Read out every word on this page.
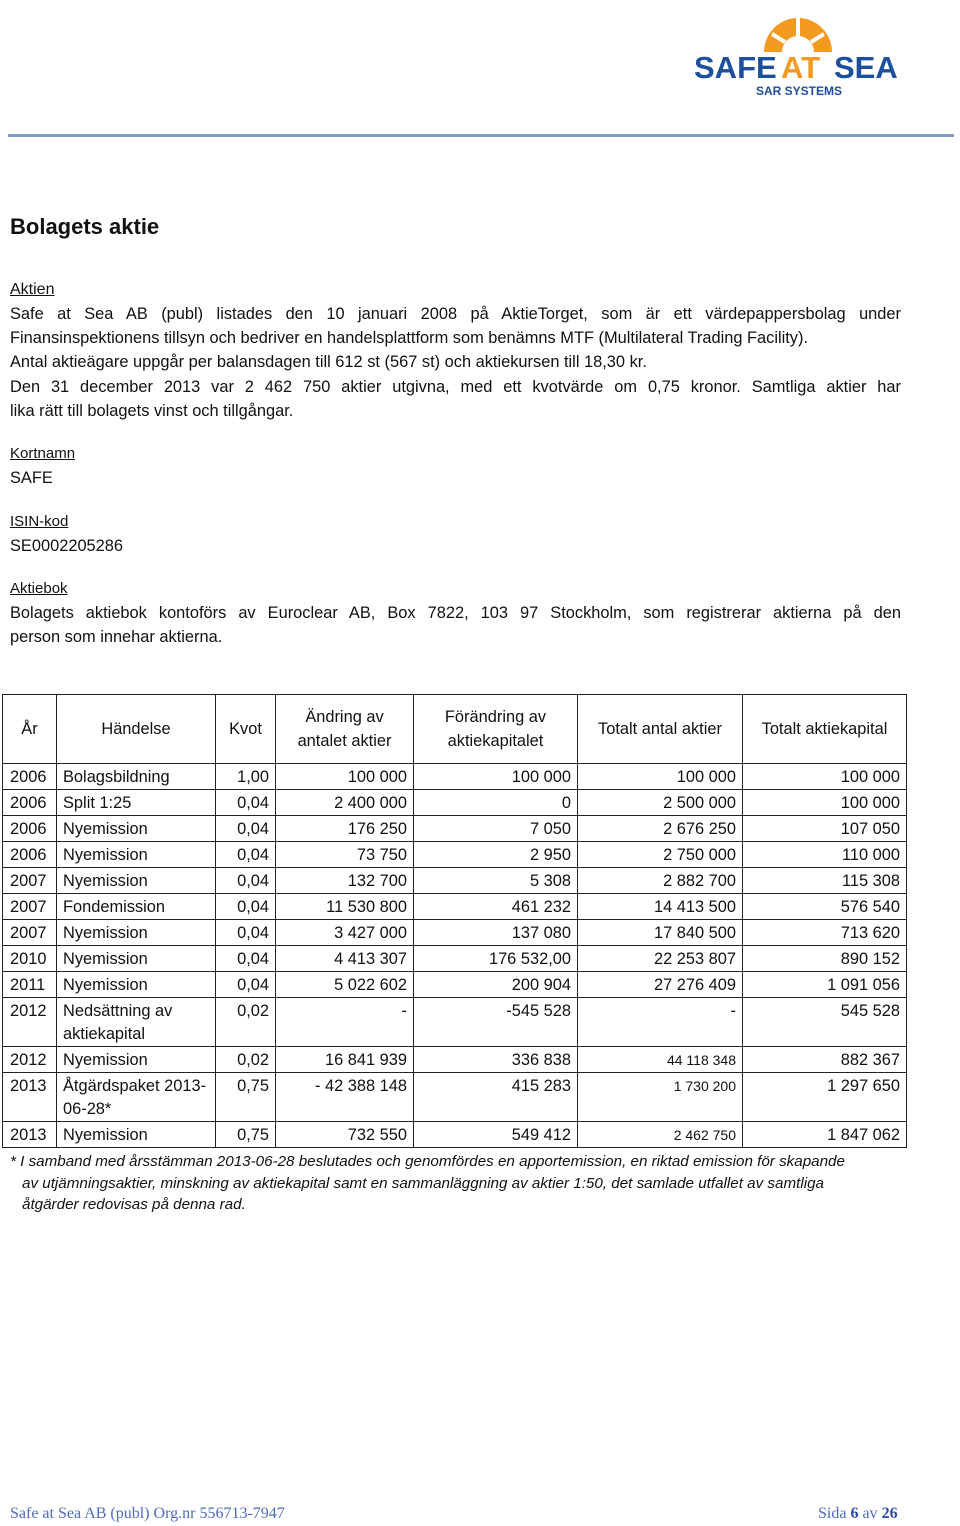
SAFE AT SEA
SAR SYSTEMS
Bolagets aktie
Aktien
Safe at Sea AB (publ) listades den 10 januari 2008 på AktieTorget, som är ett värdepappersbolag under
Finansinspektionens tillsyn och bedriver en handelsplattform som benämns MTF (Multilateral Trading Facility).
Antal aktieägare uppgår per balansdagen till 612 st (567 st) och aktiekursen till 18,30 kr.
Den 31 december 2013 var 2 462 750 aktier utgivna, med ett kvotvärde om 0,75 kronor. Samtliga aktier har
lika rätt till bolagets vinst och tillgångar.
Kortnamn
SAFE
ISIN-kod
SE0002205286
Aktiebok
Bolagets aktiebok kontoförs av Euroclear AB, Box 7822, 103 97 Stockholm, som registrerar aktierna på den
person som innehar aktierna.
År	Händelse	Kvot	Ändring av antalet aktier	Förändring av aktiekapitalet	Totalt antal aktier	Totalt aktiekapital
2006	Bolagsbildning	1,00	100 000	100 000	100 000	100 000
2006	Split 1:25	0,04	2 400 000	0	2 500 000	100 000
2006	Nyemission	0,04	176 250	7 050	2 676 250	107 050
2006	Nyemission	0,04	73 750	2 950	2 750 000	110 000
2007	Nyemission	0,04	132 700	5 308	2 882 700	115 308
2007	Fondemission	0,04	11 530 800	461 232	14 413 500	576 540
2007	Nyemission	0,04	3 427 000	137 080	17 840 500	713 620
2010	Nyemission	0,04	4 413 307	176 532,00	22 253 807	890 152
2011	Nyemission	0,04	5 022 602	200 904	27 276 409	1 091 056
2012	Nedsättning av aktiekapital	0,02	-	-545 528	-	545 528
2012	Nyemission	0,02	16 841 939	336 838	44 118 348	882 367
2013	Åtgärdspaket 2013-06-28*	0,75	- 42 388 148	415 283	1 730 200	1 297 650
2013	Nyemission	0,75	732 550	549 412	2 462 750	1 847 062
* I samband med årsstämman 2013-06-28 beslutades och genomfördes en apportemission, en riktad emission för skapande
av utjämningsaktier, minskning av aktiekapital samt en sammanläggning av aktier 1:50, det samlade utfallet av samtliga
åtgärder redovisas på denna rad.
Safe at Sea AB (publ) Org.nr 556713-7947	Sida 6 av 26
